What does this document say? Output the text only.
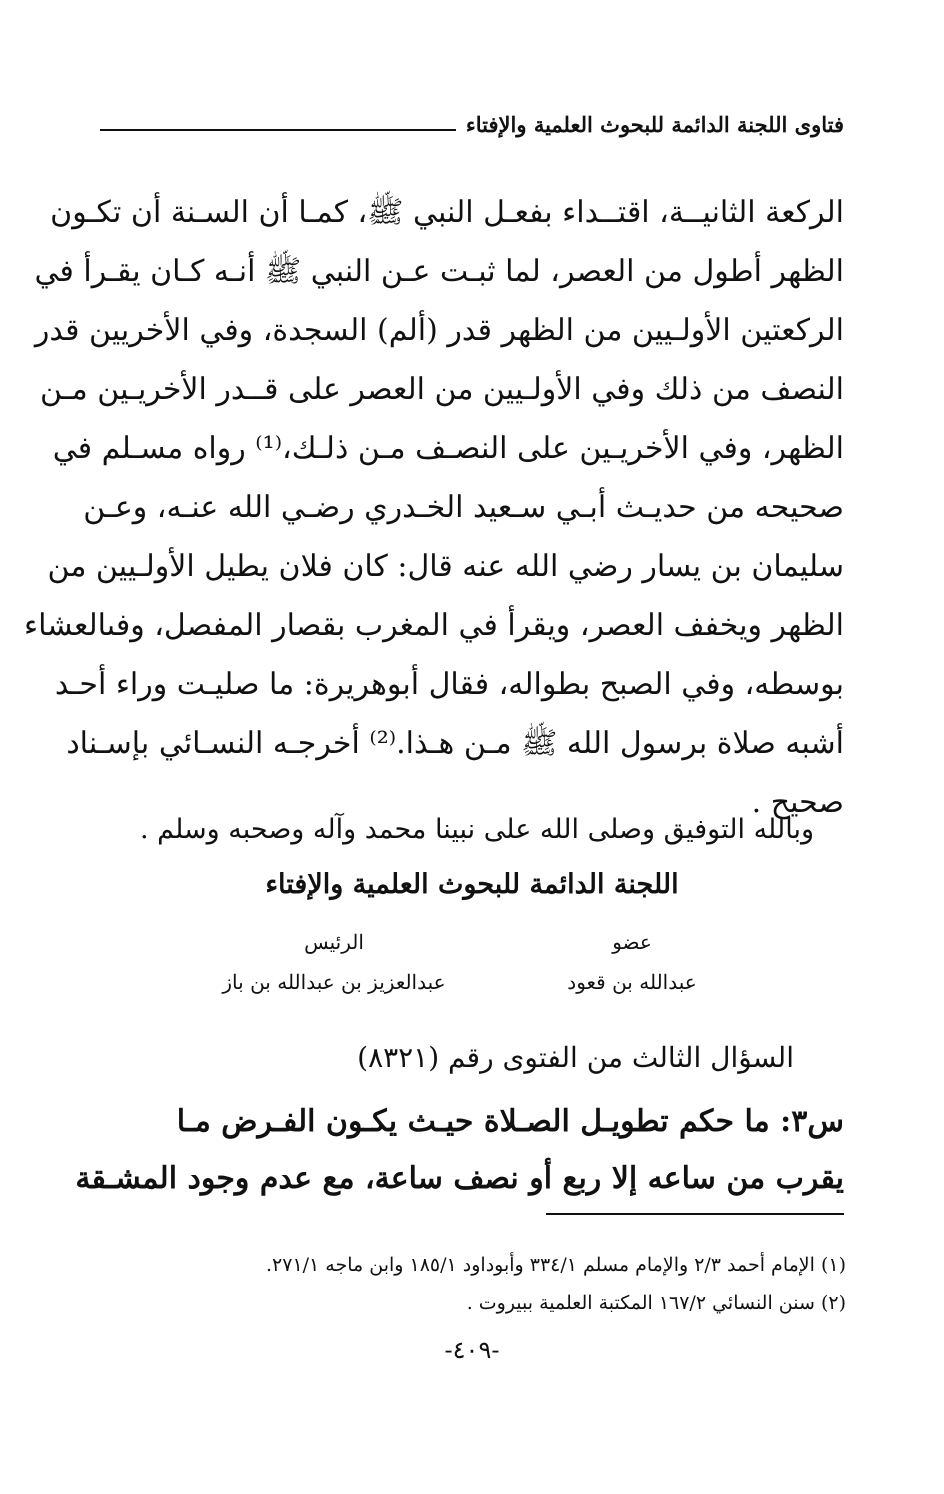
فتاوى اللجنة الدائمة للبحوث العلمية والإفتاء
الركعة الثانيــة، اقتــداء بفعـل النبي ﷺ، كمـا أن السـنة أن تكـون
الظهر أطول من العصر، لما ثبـت عـن النبي ﷺ أنـه كـان يقـرأ في
الركعتين الأولـيين من الظهر قدر (ألم) السجدة، وفي الأخريين قدر
النصف من ذلك وفي الأولـيين من العصر على قــدر الأخريـين مـن
الظهر، وفي الأخريـين على النصـف مـن ذلـك،⁽¹⁾ رواه مسـلم في
صحيحه من حديـث أبـي سـعيد الخـدري رضـي الله عنـه، وعـن
سليمان بن يسار رضي الله عنه قال: كان فلان يطيل الأولـيين من
الظهر ويخفف العصر، ويقرأ في المغرب بقصار المفصل، وفىالعشاء
بوسطه، وفي الصبح بطواله، فقال أبوهريرة: ما صليـت وراء أحـد
أشبه صلاة برسول الله ﷺ مـن هـذا.⁽²⁾ أخرجـه النسـائي بإسـناد
صحيح .
وبالله التوفيق وصلى الله على نبينا محمد وآله وصحبه وسلم .
اللجنة الدائمة للبحوث العلمية والإفتاء
عضو
عبدالله بن قعود
الرئيس
عبدالعزيز بن عبدالله بن باز
السؤال الثالث من الفتوى رقم (٨٣٢١)
س٣: ما حكم تطويـل الصـلاة حيـث يكـون الفـرض مـا
يقرب من ساعه إلا ربع أو نصف ساعة، مع عدم وجود المشـقة
(١) الإمام أحمد ٢/٣ والإمام مسلم ٣٣٤/١ وأبوداود ١٨٥/١ وابن ماجه ٢٧١/١.
(٢) سنن النسائي ١٦٧/٢ المكتبة العلمية ببيروت .
-٤٠٩-
